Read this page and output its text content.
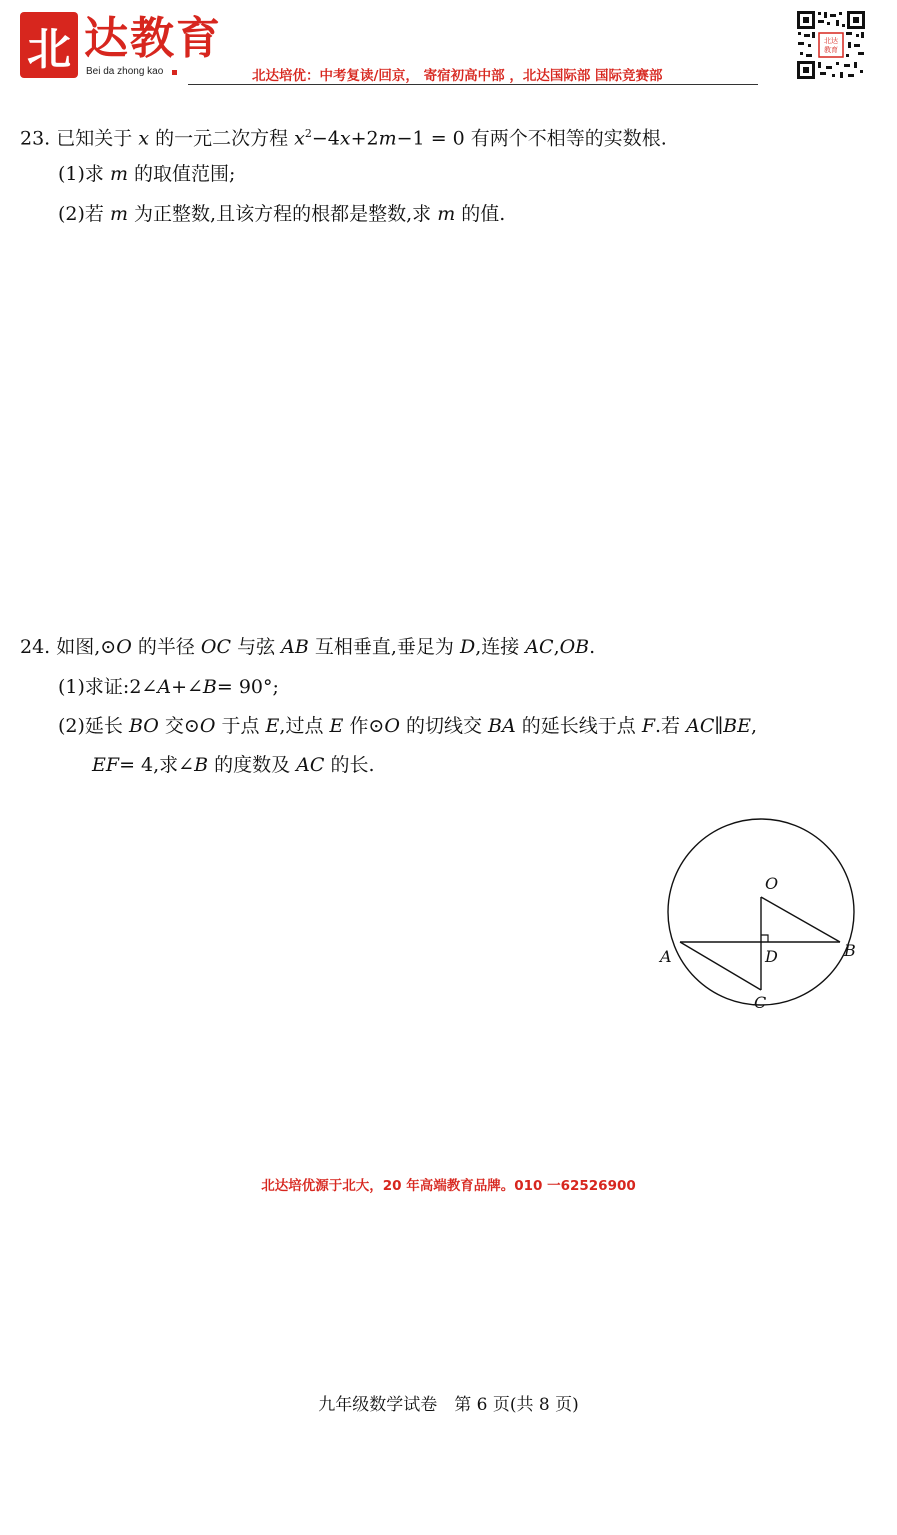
北 达教育
Bei da zhong kao	北达培优：中考复读/回京， 寄宿初高中部 ，北达国际部 国际竞赛部
北达
教育
23. 已知关于 x 的一元二次方程 $x^2-4x+2m-1 = 0$ 有两个不相等的实数根.
(1)求 m 的取值范围;
(2)若 m 为正整数,且该方程的根都是整数,求 m 的值.
24. 如图,⊙O 的半径 OC 与弦 AB 互相垂直,垂足为 D,连接 AC,OB.
(1)求证:2∠A+∠B= 90°;
(2)延长 BO 交⊙O 于点 E,过点 E 作⊙O 的切线交 BA 的延长线于点 F.若 AC∥BE,
EF= 4,求∠B 的度数及 AC 的长.
O
A	B
C
D
北达培优源于北大，20 年高端教育品牌。010 一62526900
九年级数学试卷　第 6 页(共 8 页)
